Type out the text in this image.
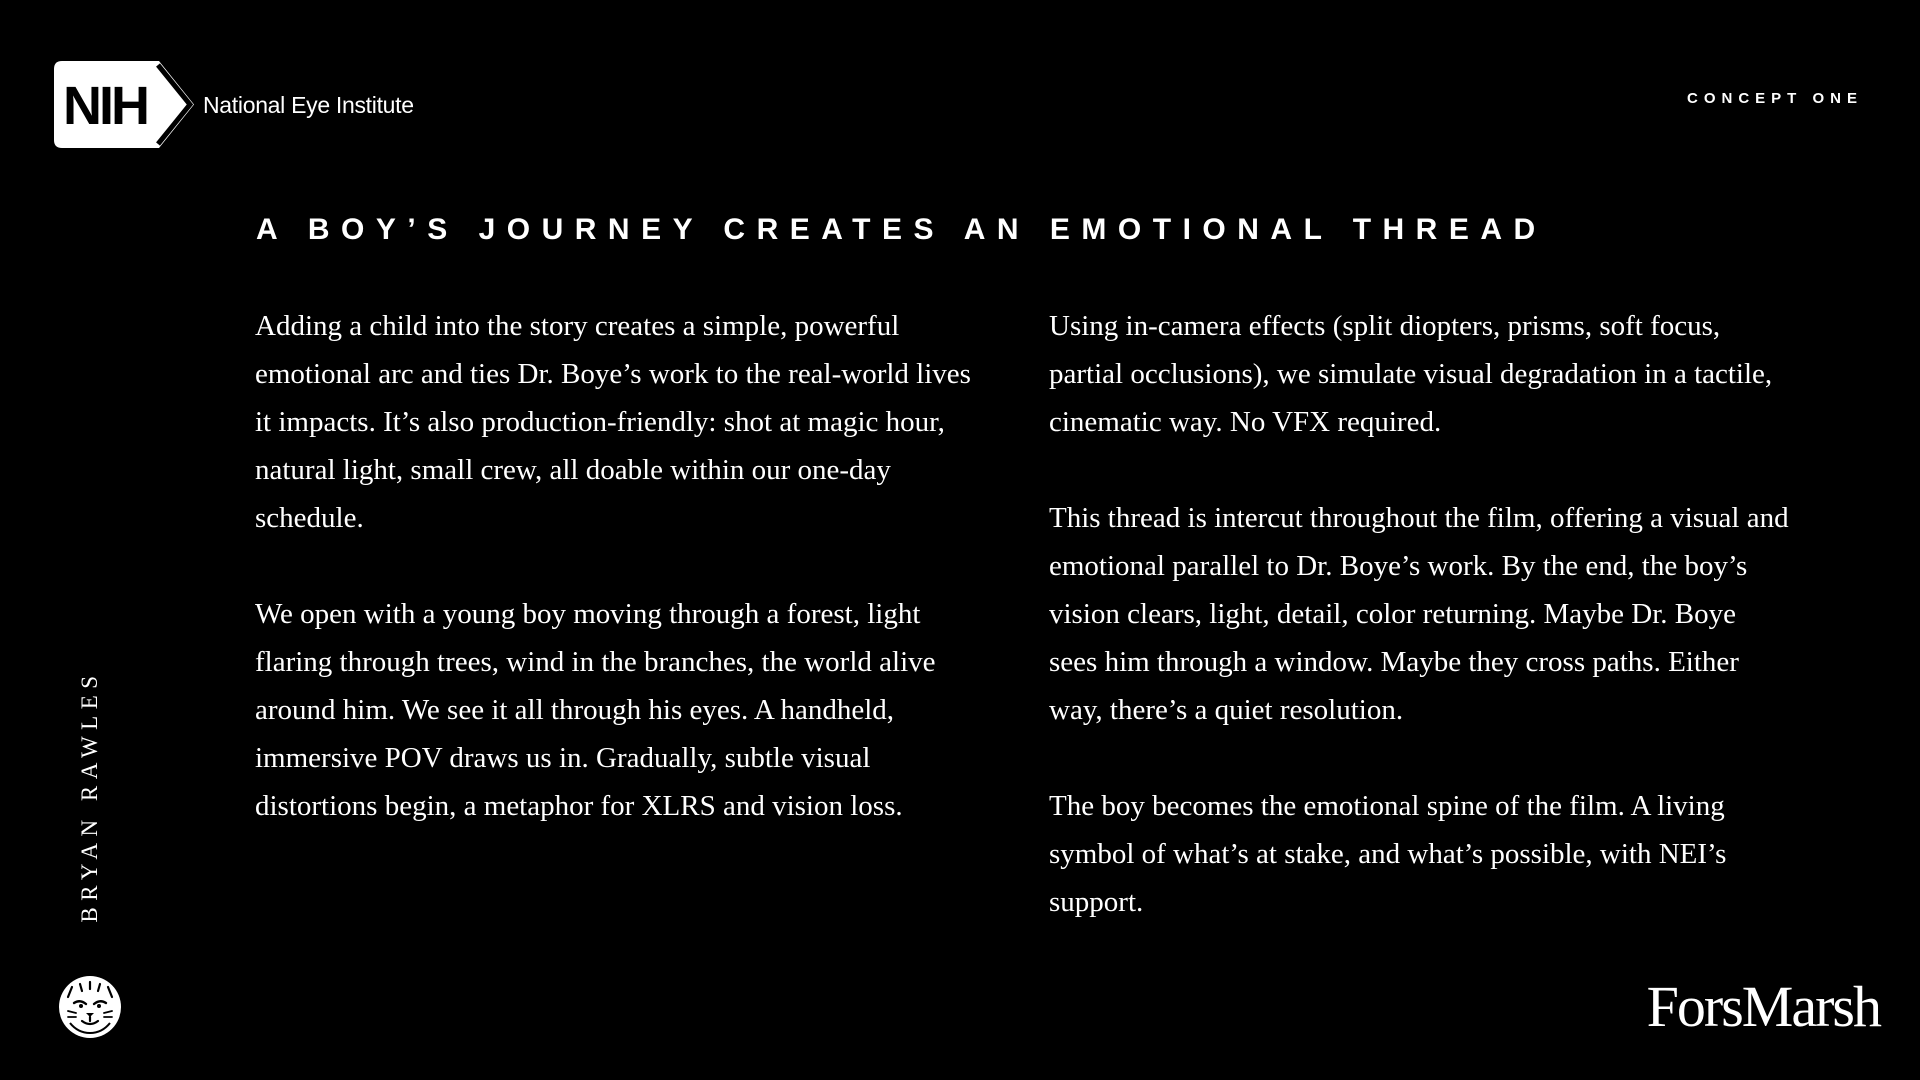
NIH National Eye Institute	CONCEPT ONE
A BOY’S JOURNEY CREATES AN EMOTIONAL THREAD

Adding a child into the story creates a simple, powerful emotional arc and ties Dr. Boye’s work to the real-world lives it impacts. It’s also production-friendly: shot at magic hour, natural light, small crew, all doable within our one-day schedule.

We open with a young boy moving through a forest, light flaring through trees, wind in the branches, the world alive around him. We see it all through his eyes. A handheld, immersive POV draws us in. Gradually, subtle visual distortions begin, a metaphor for XLRS and vision loss.

Using in-camera effects (split diopters, prisms, soft focus, partial occlusions), we simulate visual degradation in a tactile, cinematic way. No VFX required.

This thread is intercut throughout the film, offering a visual and emotional parallel to Dr. Boye’s work. By the end, the boy’s vision clears, light, detail, color returning. Maybe Dr. Boye sees him through a window. Maybe they cross paths. Either way, there’s a quiet resolution.

The boy becomes the emotional spine of the film. A living symbol of what’s at stake, and what’s possible, with NEI’s support.

BRYAN RAWLES
ForsMarsh
